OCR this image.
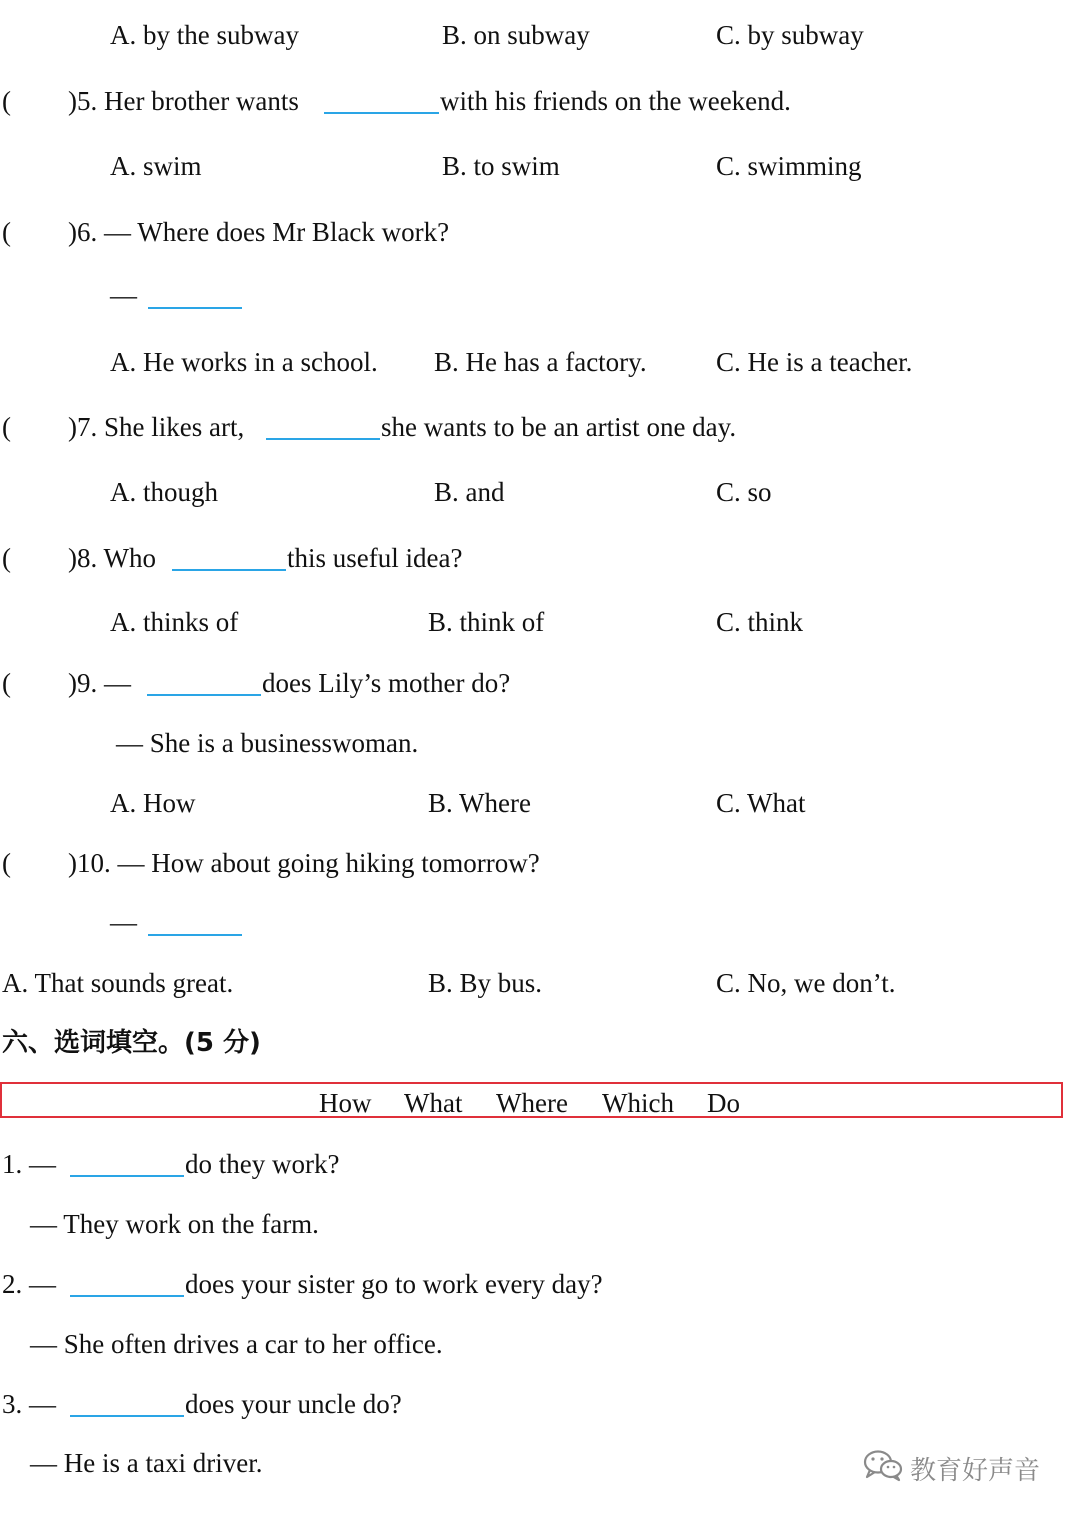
A. by the subway	B. on subway	C. by subway
( )5. Her brother wants	with his friends on the weekend.
A. swim	B. to swim	C. swimming
( )6. — Where does Mr Black work?
—
A. He works in a school. B. He has a factory.	C. He is a teacher.
( )7. She likes art,	she wants to be an artist one day.
A. though	B. and	C. so
( )8. Who	this useful idea?
A. thinks of	B. think of	C. think
( )9. —	does Lily’s mother do?
— She is a businesswoman.
A. How	B. Where	C. What
( )10. — How about going hiking tomorrow?
—
A. That sounds great.	B. By bus.	C. No, we don’t.
六、选词填空。(5 分)
How What Where Which Do
1. —	do they work?
— They work on the farm.
2. —	does your sister go to work every day?
— She often drives a car to her office.
3. —	does your uncle do?
— He is a taxi driver.	教育好声音
